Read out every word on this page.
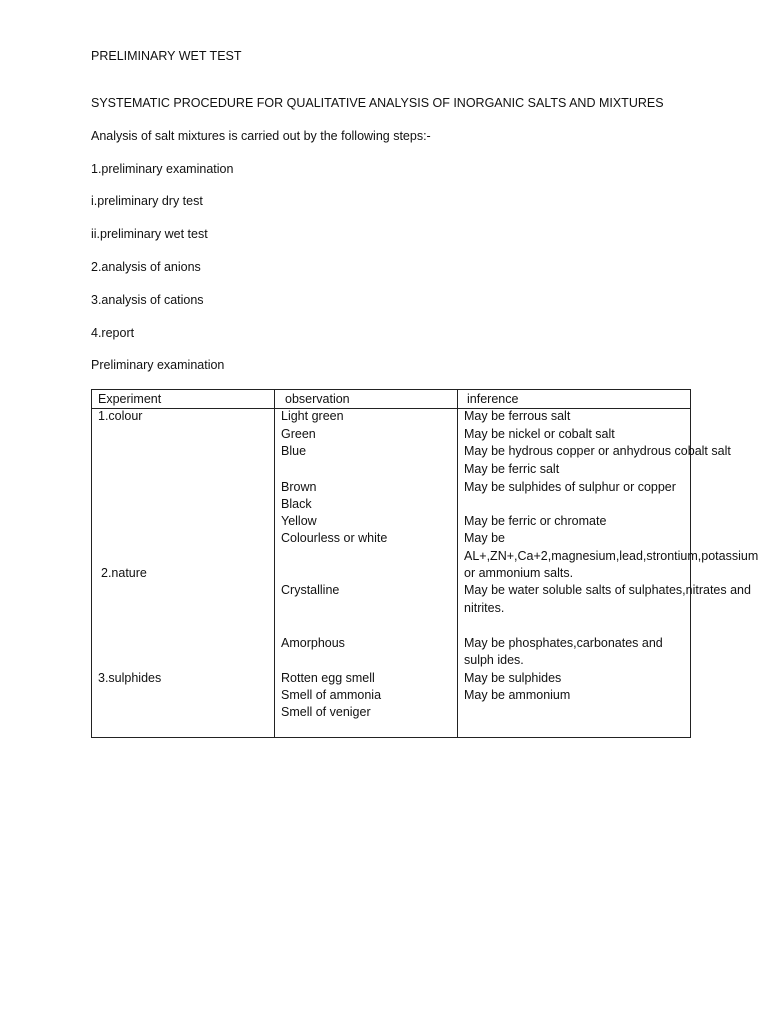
PRELIMINARY WET TEST
SYSTEMATIC PROCEDURE FOR QUALITATIVE ANALYSIS OF INORGANIC SALTS AND MIXTURES
Analysis of salt mixtures is carried out by the following steps:-
1.preliminary examination
i.preliminary dry test
ii.preliminary wet test
2.analysis of anions
3.analysis of cations
4.report
Preliminary examination
Experiment	observation	inference
1.colour
2.nature
3.sulphides
Light green
Green
Blue
Brown
Black
Yellow
Colourless or white
Crystalline
Amorphous
Rotten egg smell
Smell of ammonia
Smell of veniger
May be ferrous salt
May be nickel or cobalt salt
May be hydrous copper or anhydrous cobalt salt
May be ferric salt
May be sulphides of sulphur or copper
May be ferric or chromate
May be
AL+,ZN+,Ca+2,magnesium,lead,strontium,potassium
or ammonium salts.
May be water soluble salts of sulphates,nitrates and
nitrites.
May be phosphates,carbonates and
sulph ides.
May be sulphides
May be ammonium
